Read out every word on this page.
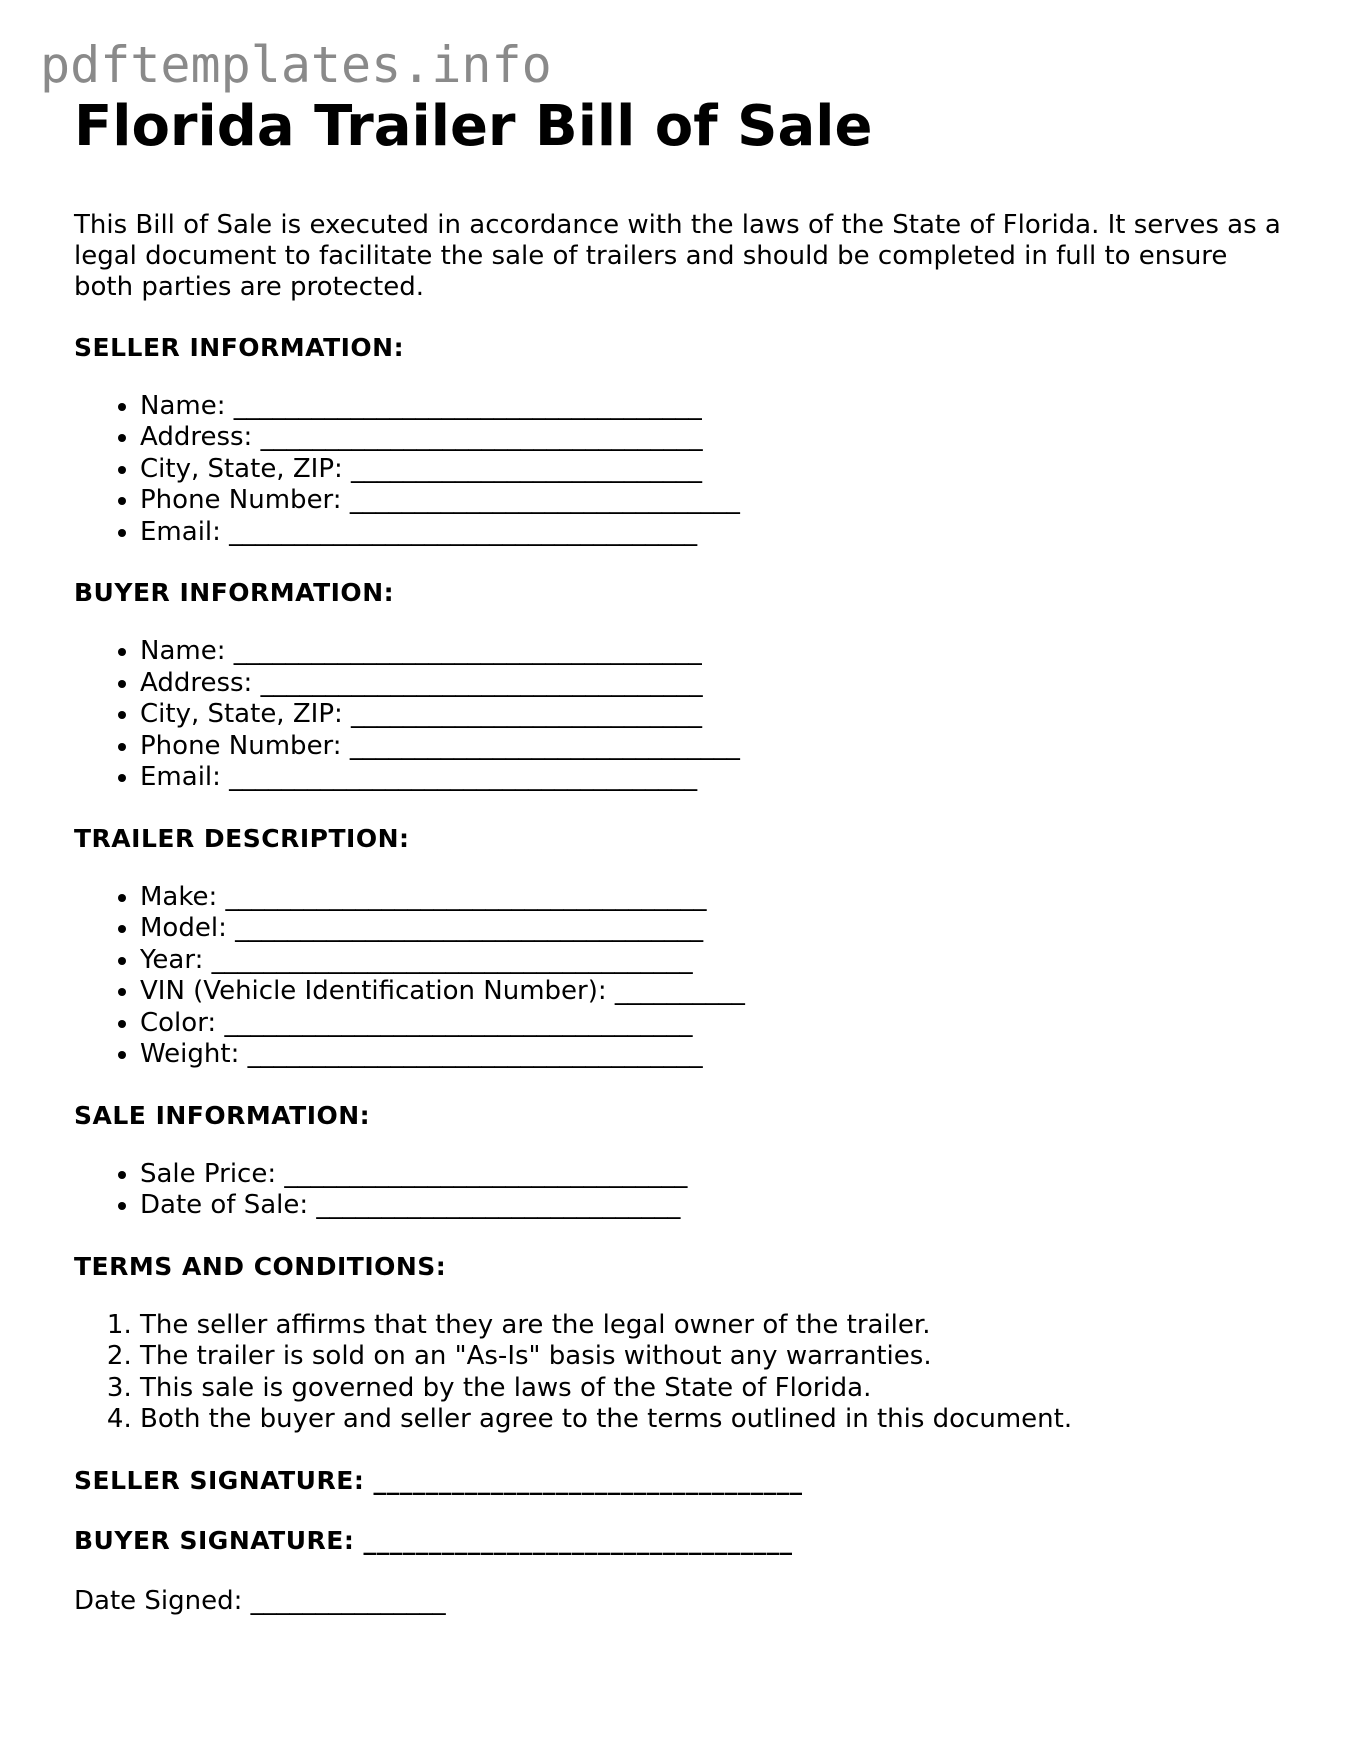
pdftemplates.info
Florida Trailer Bill of Sale

This Bill of Sale is executed in accordance with the laws of the State of Florida. It serves as a legal document to facilitate the sale of trailers and should be completed in full to ensure both parties are protected.

SELLER INFORMATION:
• Name: ____________________________________
• Address: __________________________________
• City, State, ZIP: ___________________________
• Phone Number: ______________________________
• Email: ____________________________________
BUYER INFORMATION:
• Name: ____________________________________
• Address: __________________________________
• City, State, ZIP: ___________________________
• Phone Number: ______________________________
• Email: ____________________________________
TRAILER DESCRIPTION:
• Make: _____________________________________
• Model: ____________________________________
• Year: _____________________________________
• VIN (Vehicle Identification Number): __________
• Color: ____________________________________
• Weight: ___________________________________
SALE INFORMATION:
• Sale Price: _______________________________
• Date of Sale: ____________________________
TERMS AND CONDITIONS:
1. The seller affirms that they are the legal owner of the trailer.
2. The trailer is sold on an "As-Is" basis without any warranties.
3. This sale is governed by the laws of the State of Florida.
4. Both the buyer and seller agree to the terms outlined in this document.
SELLER SIGNATURE: _________________________________
BUYER SIGNATURE: _________________________________
Date Signed: _______________
